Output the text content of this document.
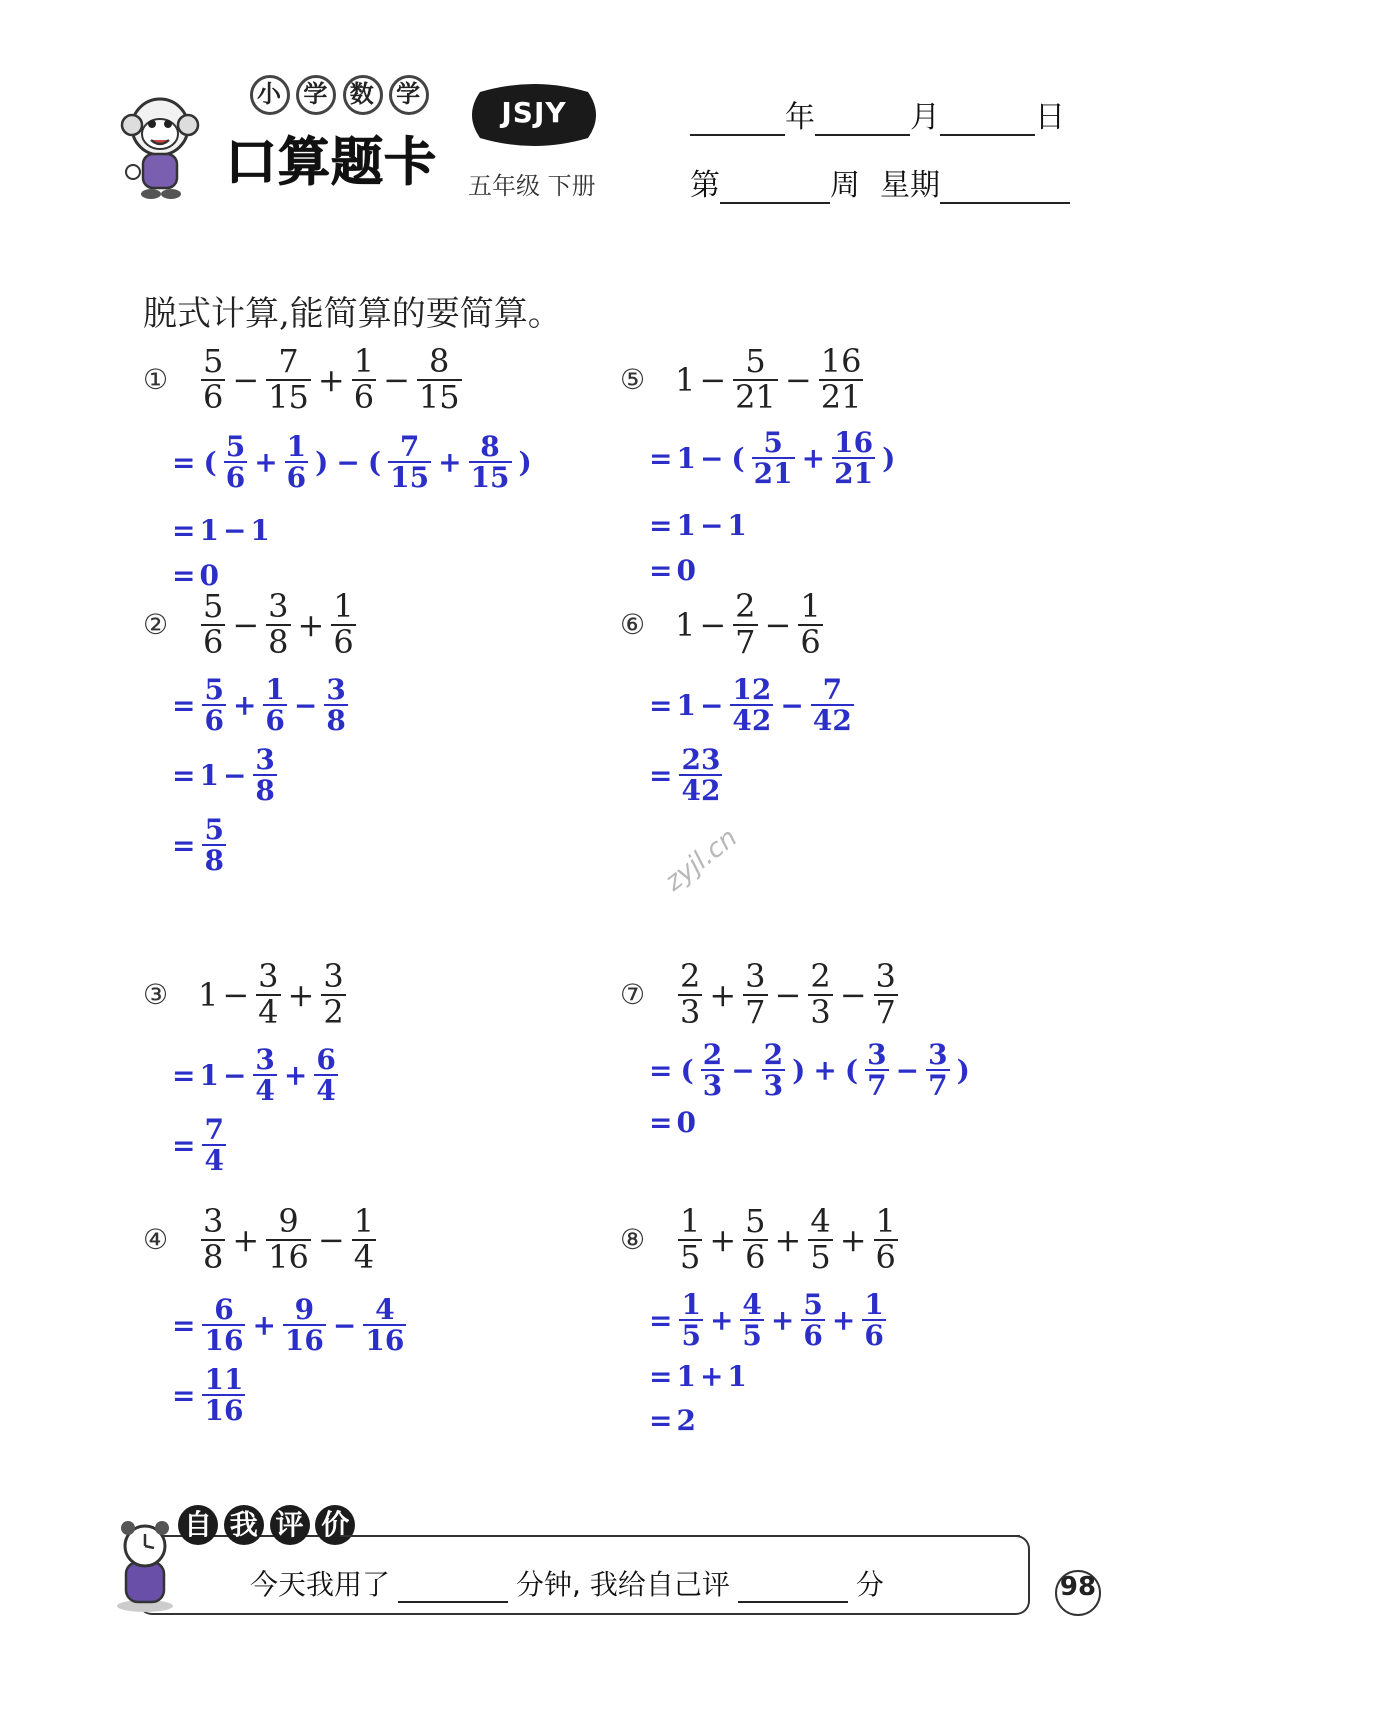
小 学 数 学
口算题卡
JSJY
五年级 下册
年	月	日
第	周 星期
脱式计算,能简算的要简算。
① $\frac{5}{6} - \frac{7}{15} + \frac{1}{6} - \frac{8}{15}$
= ( $\frac{5}{6} + \frac{1}{6}$ ) − ( $\frac{7}{15} + \frac{8}{15}$ )
= 1 − 1
= 0
② $\frac{5}{6} - \frac{3}{8} + \frac{1}{6}$
= $\frac{5}{6} + \frac{1}{6} - \frac{3}{8}$
= $1 - \frac{3}{8}$
= $\frac{5}{8}$
③ $1 - \frac{3}{4} + \frac{3}{2}$
= $1 - \frac{3}{4} + \frac{6}{4}$
= $\frac{7}{4}$
④ $\frac{3}{8} + \frac{9}{16} - \frac{1}{4}$
= $\frac{6}{16} + \frac{9}{16} - \frac{4}{16}$
= $\frac{11}{16}$
⑤ $1 - \frac{5}{21} - \frac{16}{21}$
= 1 − ( $\frac{5}{21} + \frac{16}{21}$ )
= 1 − 1
= 0
⑥ $1 - \frac{2}{7} - \frac{1}{6}$
= $1 - \frac{12}{42} - \frac{7}{42}$
= $\frac{23}{42}$
⑦ $\frac{2}{3} + \frac{3}{7} - \frac{2}{3} - \frac{3}{7}$
= ( $\frac{2}{3} - \frac{2}{3}$ ) + ( $\frac{3}{7} - \frac{3}{7}$ )
= 0
⑧ $\frac{1}{5} + \frac{5}{6} + \frac{4}{5} + \frac{1}{6}$
= $\frac{1}{5} + \frac{4}{5} + \frac{5}{6} + \frac{1}{6}$
= 1 + 1
= 2
zyjl.cn
自 我 评 价
今天我用了	分钟, 我给自己评	分	98
